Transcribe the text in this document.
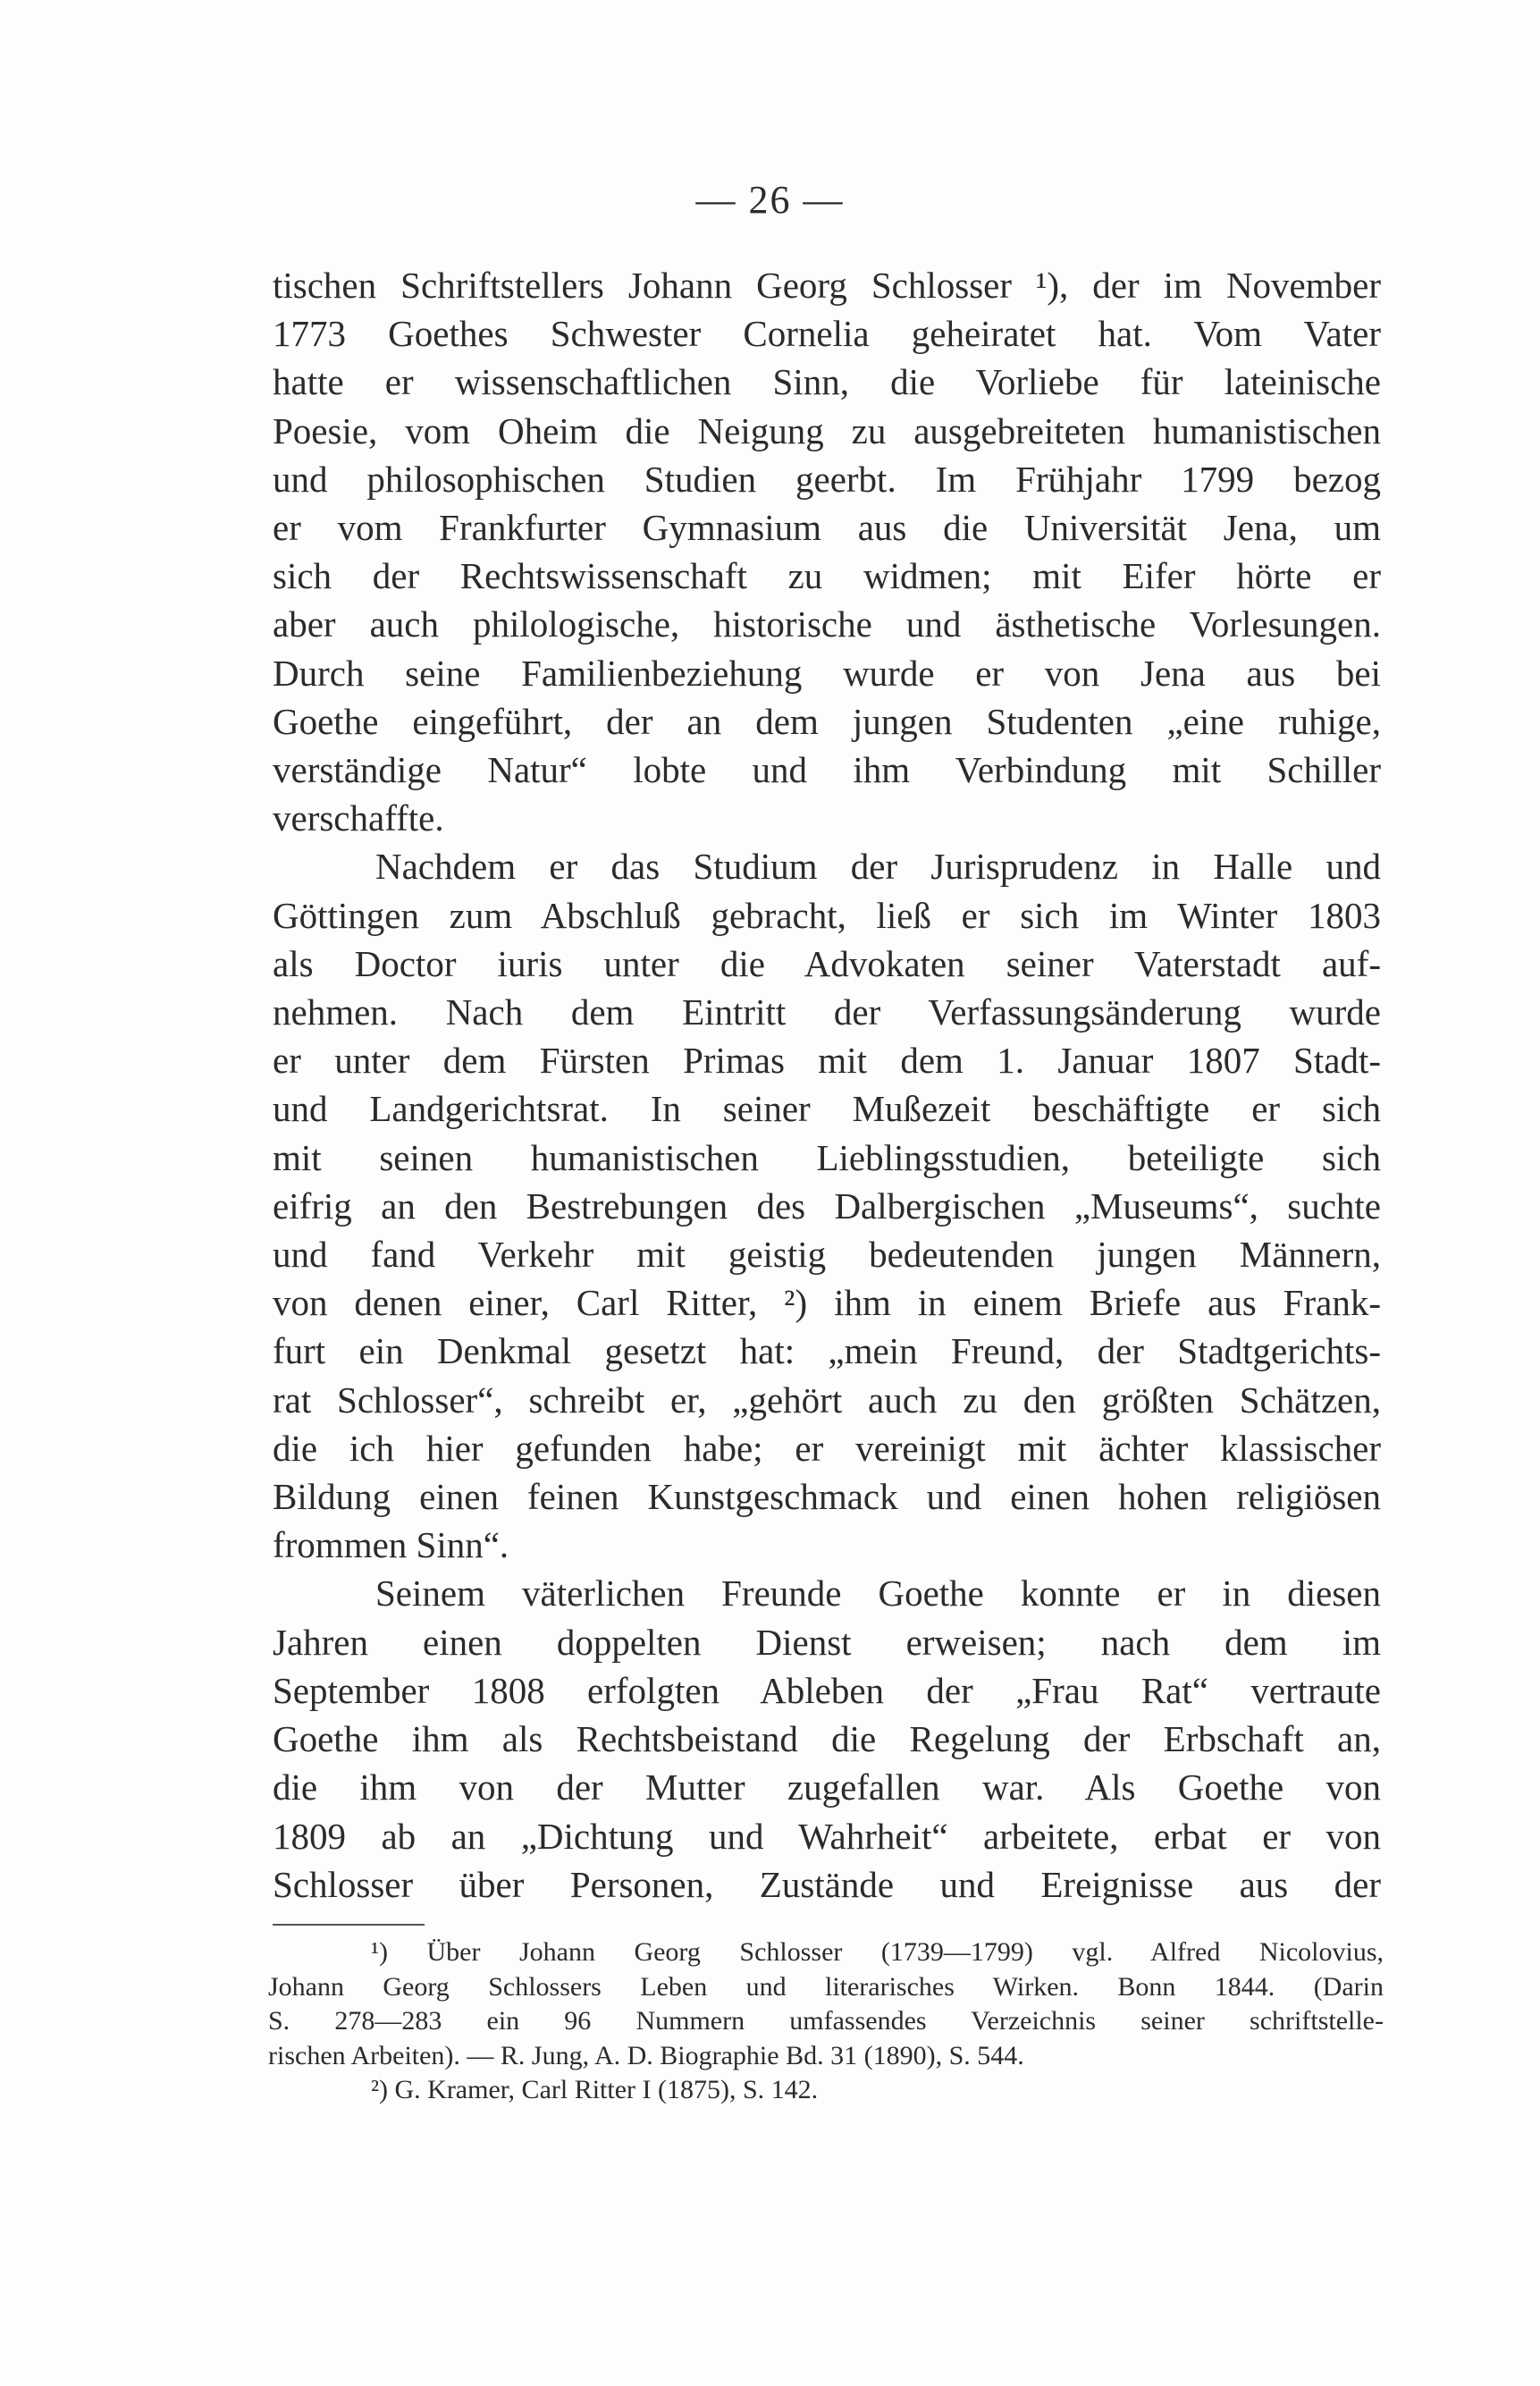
— 26 —
tischen Schriftstellers Johann Georg Schlosser ¹), der im November
1773 Goethes Schwester Cornelia geheiratet hat. Vom Vater
hatte er wissenschaftlichen Sinn, die Vorliebe für lateinische
Poesie, vom Oheim die Neigung zu ausgebreiteten humanistischen
und philosophischen Studien geerbt. Im Frühjahr 1799 bezog
er vom Frankfurter Gymnasium aus die Universität Jena, um
sich der Rechtswissenschaft zu widmen; mit Eifer hörte er
aber auch philologische, historische und ästhetische Vorlesungen.
Durch seine Familienbeziehung wurde er von Jena aus bei
Goethe eingeführt, der an dem jungen Studenten „eine ruhige,
verständige Natur“ lobte und ihm Verbindung mit Schiller
verschaffte.
Nachdem er das Studium der Jurisprudenz in Halle und
Göttingen zum Abschluß gebracht, ließ er sich im Winter 1803
als Doctor iuris unter die Advokaten seiner Vaterstadt auf-
nehmen. Nach dem Eintritt der Verfassungsänderung wurde
er unter dem Fürsten Primas mit dem 1. Januar 1807 Stadt-
und Landgerichtsrat. In seiner Mußezeit beschäftigte er sich
mit seinen humanistischen Lieblingsstudien, beteiligte sich
eifrig an den Bestrebungen des Dalbergischen „Museums“, suchte
und fand Verkehr mit geistig bedeutenden jungen Männern,
von denen einer, Carl Ritter, ²) ihm in einem Briefe aus Frank-
furt ein Denkmal gesetzt hat: „mein Freund, der Stadtgerichts-
rat Schlosser“, schreibt er, „gehört auch zu den größten Schätzen,
die ich hier gefunden habe; er vereinigt mit ächter klassischer
Bildung einen feinen Kunstgeschmack und einen hohen religiösen
frommen Sinn“.
Seinem väterlichen Freunde Goethe konnte er in diesen
Jahren einen doppelten Dienst erweisen; nach dem im
September 1808 erfolgten Ableben der „Frau Rat“ vertraute
Goethe ihm als Rechtsbeistand die Regelung der Erbschaft an,
die ihm von der Mutter zugefallen war. Als Goethe von
1809 ab an „Dichtung und Wahrheit“ arbeitete, erbat er von
Schlosser über Personen, Zustände und Ereignisse aus der
¹) Über Johann Georg Schlosser (1739—1799) vgl. Alfred Nicolovius,
Johann Georg Schlossers Leben und literarisches Wirken. Bonn 1844. (Darin
S. 278—283 ein 96 Nummern umfassendes Verzeichnis seiner schriftstelle-
rischen Arbeiten). — R. Jung, A. D. Biographie Bd. 31 (1890), S. 544.
²) G. Kramer, Carl Ritter I (1875), S. 142.
